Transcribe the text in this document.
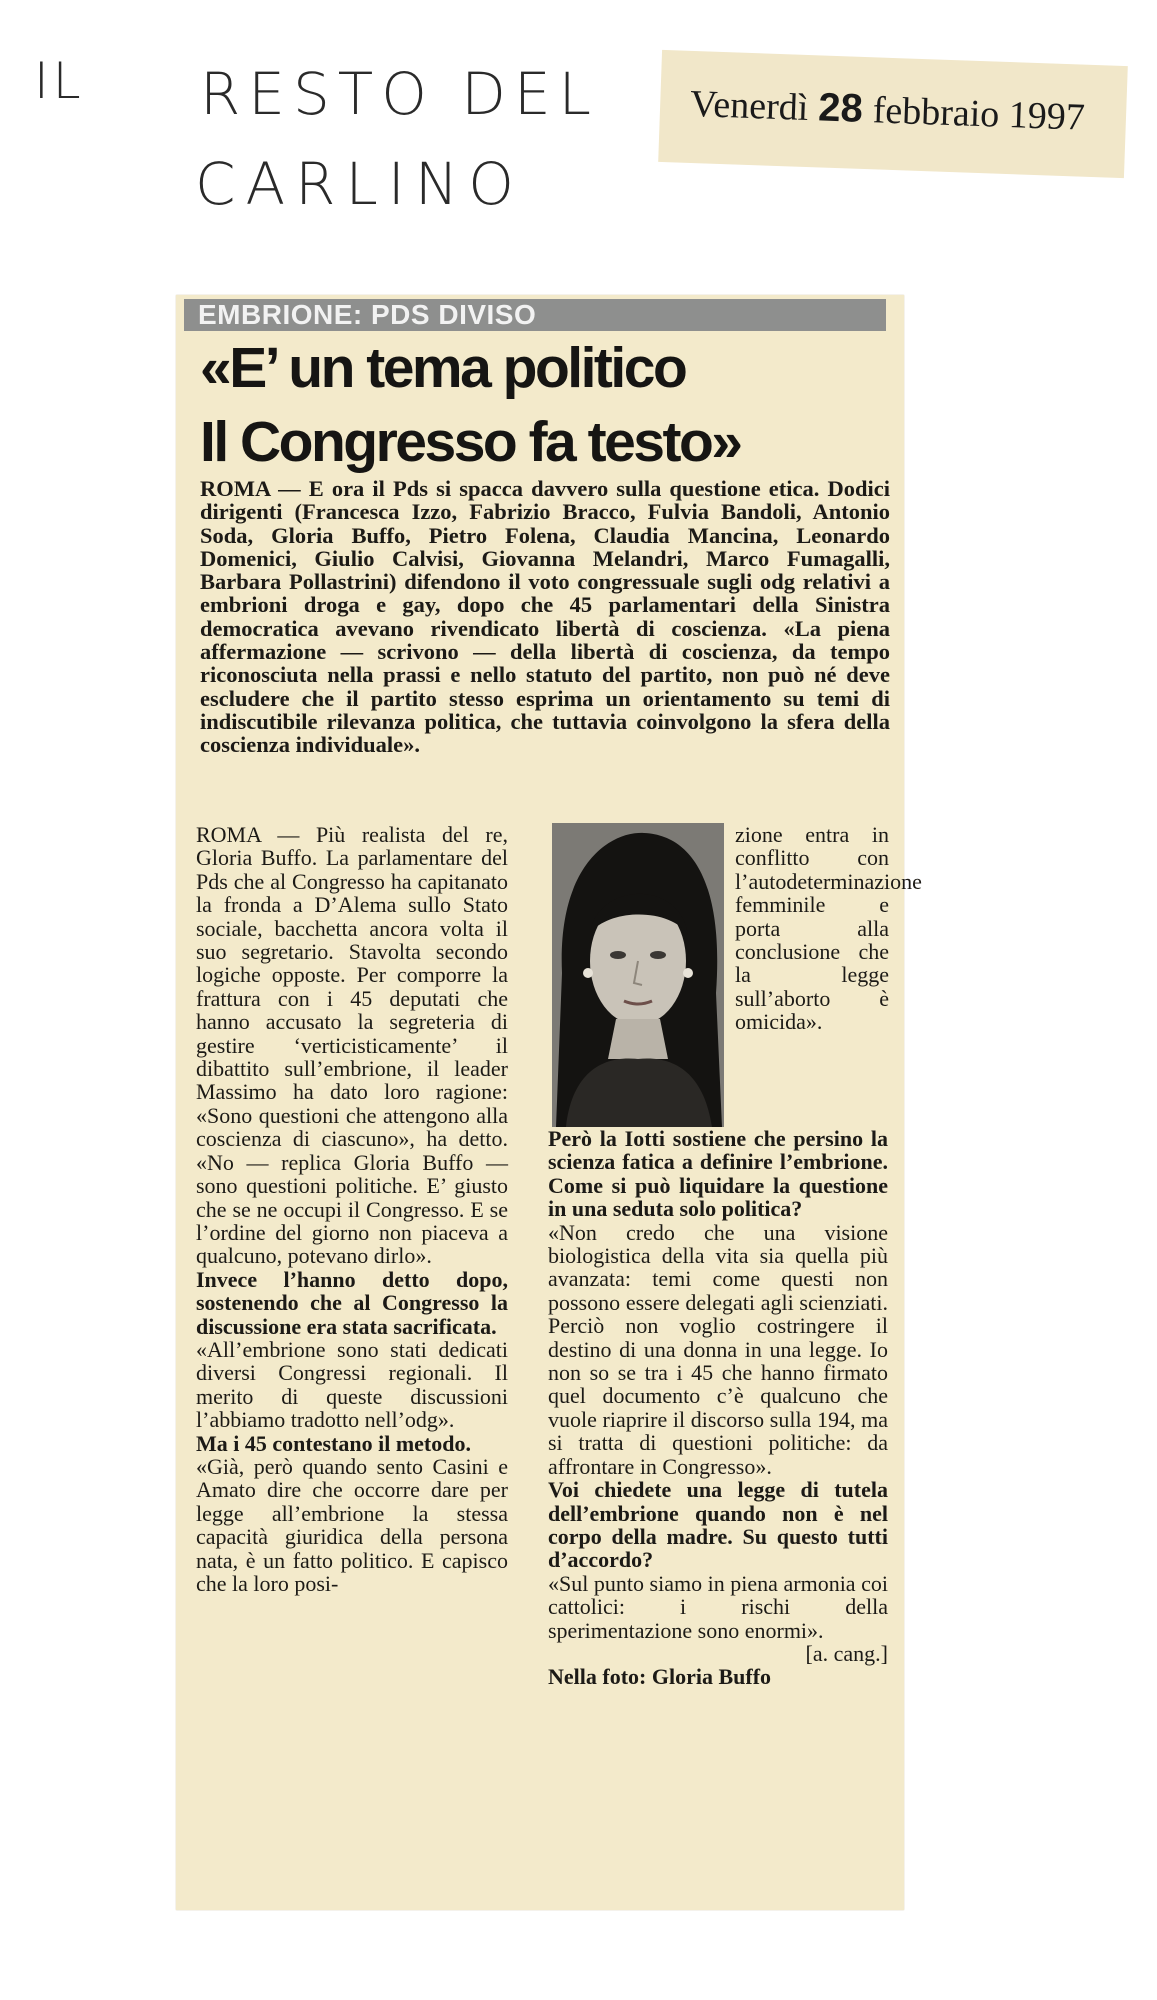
IL RESTO DEL
CARLINO
Venerdì 28 febbraio 1997
EMBRIONE: PDS DIVISO
«E’ un tema politico
Il Congresso fa testo»
ROMA — E ora il Pds si spacca davvero sulla questione etica. Dodici dirigenti (Francesca Izzo, Fabrizio Bracco, Fulvia Bandoli, Antonio Soda, Gloria Buffo, Pietro Folena, Claudia Mancina, Leonardo Domenici, Giulio Calvisi, Giovanna Melandri, Marco Fumagalli, Barbara Pollastrini) difendono il voto congressuale sugli odg relativi a embrioni droga e gay, dopo che 45 parlamentari della Sinistra democratica avevano rivendicato libertà di coscienza. «La piena affermazione — scrivono — della libertà di coscienza, da tempo riconosciuta nella prassi e nello statuto del partito, non può né deve escludere che il partito stesso esprima un orientamento su temi di indiscutibile rilevanza politica, che tuttavia coinvolgono la sfera della coscienza individuale».

ROMA — Più realista del re, Gloria Buffo. La parlamentare del Pds che al Congresso ha capitanato la fronda a D’Alema sullo Stato sociale, bacchetta ancora volta il suo segretario. Stavolta secondo logiche opposte. Per comporre la frattura con i 45 deputati che hanno accusato la segreteria di gestire ‘verticisticamente’ il dibattito sull’embrione, il leader Massimo ha dato loro ragione: «Sono questioni che attengono alla coscienza di ciascuno», ha detto. «No — replica Gloria Buffo — sono questioni politiche. E’ giusto che se ne occupi il Congresso. E se l’ordine del giorno non piaceva a qualcuno, potevano dirlo».

Invece l’hanno detto dopo, sostenendo che al Congresso la discussione era stata sacrificata.

«All’embrione sono stati dedicati diversi Congressi regionali. Il merito di queste discussioni l’abbiamo tradotto nell’odg».

Ma i 45 contestano il metodo.

«Già, però quando sento Casini e Amato dire che occorre dare per legge all’embrione la stessa capacità giuridica della persona nata, è un fatto politico. E capisco che la loro posi-

zione entra in conflitto con l’autodeterminazione femminile e porta alla conclusione che la legge sull’aborto è omicida».

Però la Iotti sostiene che persino la scienza fatica a definire l’embrione. Come si può liquidare la questione in una seduta solo politica?

«Non credo che una visione biologistica della vita sia quella più avanzata: temi come questi non possono essere delegati agli scienziati. Perciò non voglio costringere il destino di una donna in una legge. Io non so se tra i 45 che hanno firmato quel documento c’è qualcuno che vuole riaprire il discorso sulla 194, ma si tratta di questioni politiche: da affrontare in Congresso».

Voi chiedete una legge di tutela dell’embrione quando non è nel corpo della madre. Su questo tutti d’accordo?

«Sul punto siamo in piena armonia coi cattolici: i rischi della sperimentazione sono enormi».

[a. cang.]

Nella foto: Gloria Buffo
